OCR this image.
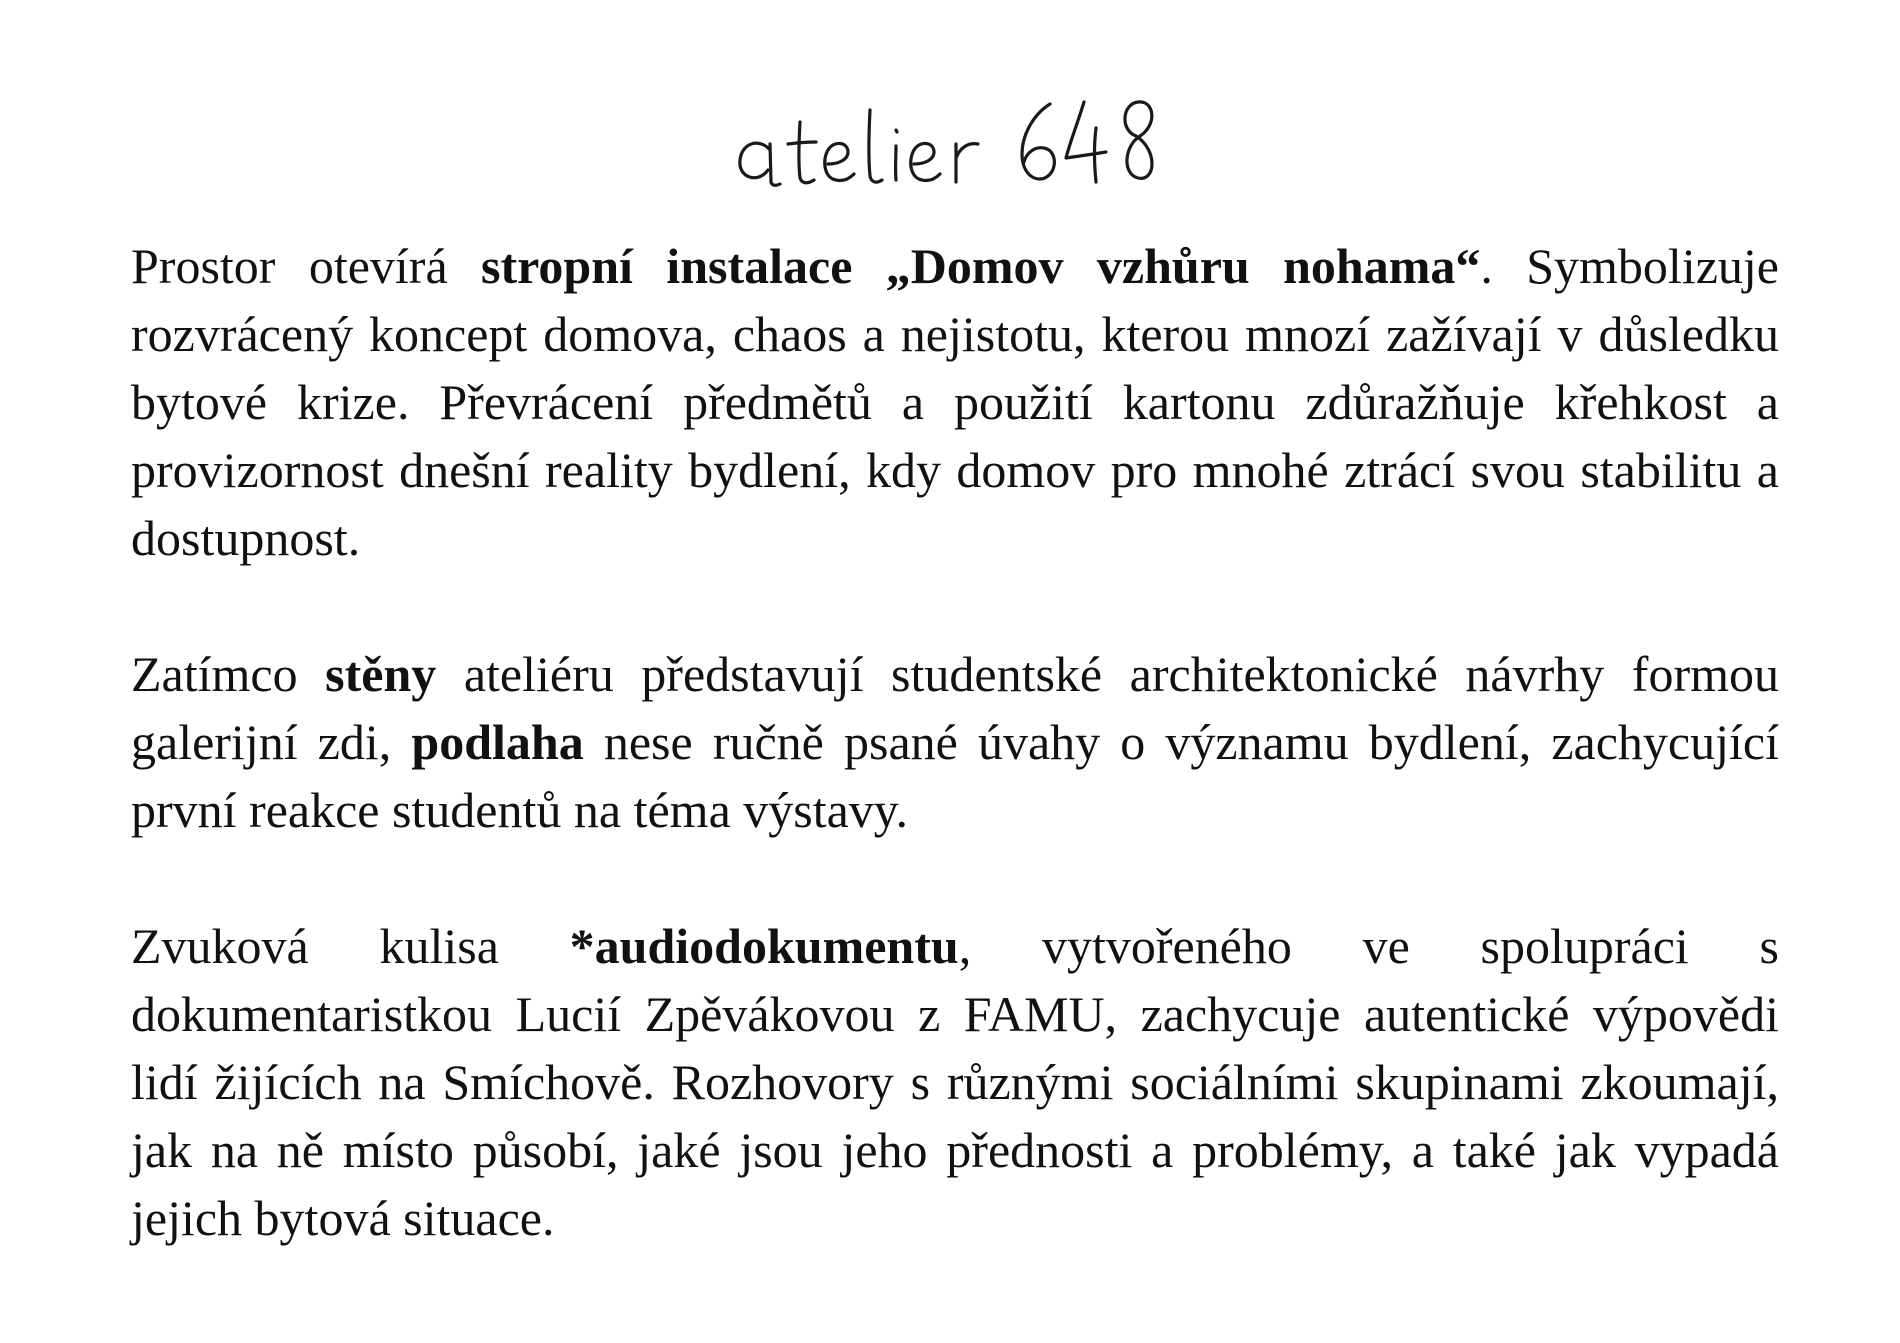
Prostor otevírá stropní instalace „Domov vzhůru nohama“. Symbolizuje rozvrácený koncept domova, chaos a nejistotu, kterou mnozí zažívají v důsledku bytové krize. Převrácení předmětů a použití kartonu zdůražňuje křehkost a provizornost dnešní reality bydlení, kdy domov pro mnohé ztrácí svou stabilitu a dostupnost.

Zatímco stěny ateliéru představují studentské architektonické návrhy formou galerijní zdi, podlaha nese ručně psané úvahy o významu bydlení, zachycující první reakce studentů na téma výstavy.

Zvuková kulisa *audiodokumentu, vytvořeného ve spolupráci s dokumentaristkou Lucií Zpěvákovou z FAMU, zachycuje autentické výpovědi lidí žijících na Smíchově. Rozhovory s různými sociálními skupinami zkoumají, jak na ně místo působí, jaké jsou jeho přednosti a problémy, a také jak vypadá jejich bytová situace.
